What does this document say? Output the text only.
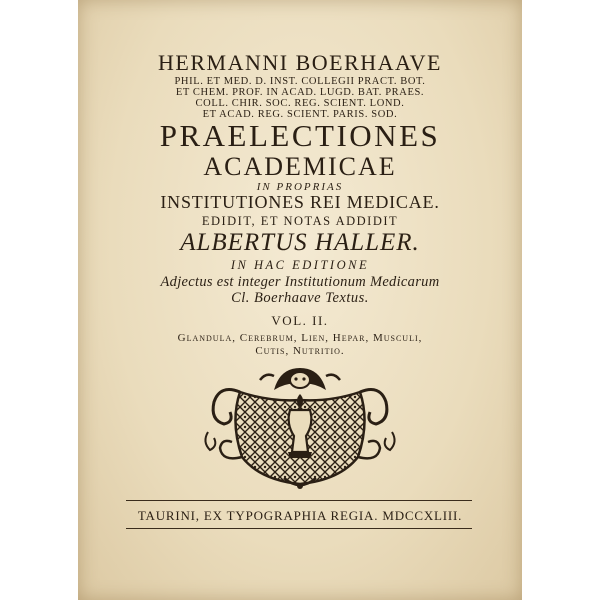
HERMANNI BOERHAAVE
PHIL. ET MED. D. INST. COLLEGII PRACT. BOT.
ET CHEM. PROF. IN ACAD. LUGD. BAT. PRAES.
COLL. CHIR. SOC. REG. SCIENT. LOND.
ET ACAD. REG. SCIENT. PARIS. SOD.
PRAELECTIONES
ACADEMICAE
IN PROPRIAS
INSTITUTIONES REI MEDICAE.
EDIDIT, ET NOTAS ADDIDIT
ALBERTUS HALLER.
IN HAC EDITIONE
Adjectus est integer Institutionum Medicarum
Cl. Boerhaave Textus.
VOL. II.
Glandula, Cerebrum, Lien, Hepar, Musculi,
Cutis, Nutritio.
TAURINI, EX TYPOGRAPHIA REGIA. MDCCXLIII.
